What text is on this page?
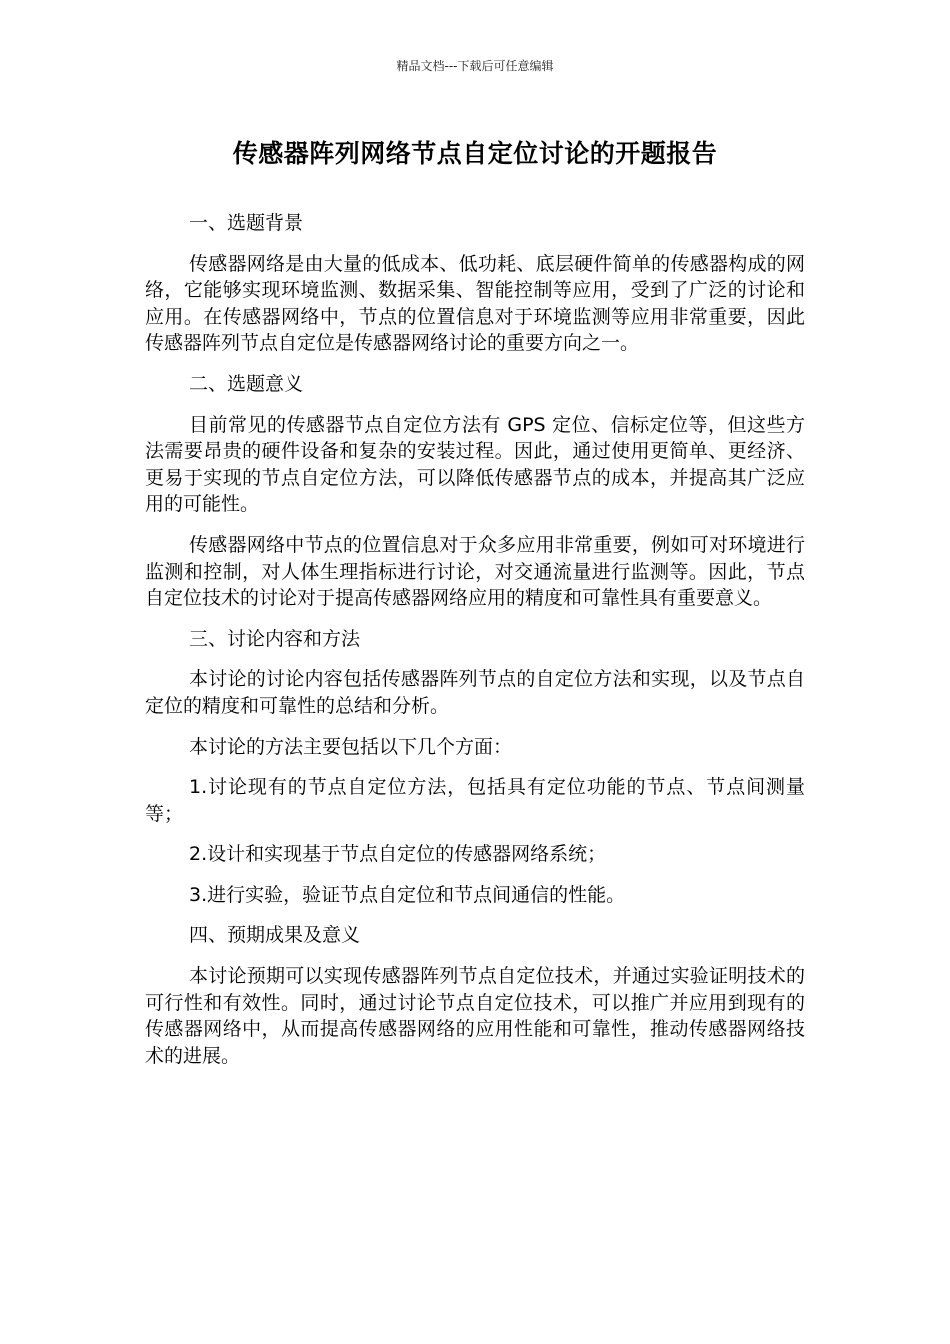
精品文档---下载后可任意编辑
传感器阵列网络节点自定位讨论的开题报告

一、选题背景

传感器网络是由大量的低成本、低功耗、底层硬件简单的传感器构成的网络，它能够实现环境监测、数据采集、智能控制等应用，受到了广泛的讨论和应用。在传感器网络中，节点的位置信息对于环境监测等应用非常重要，因此传感器阵列节点自定位是传感器网络讨论的重要方向之一。

二、选题意义

目前常见的传感器节点自定位方法有 GPS 定位、信标定位等，但这些方法需要昂贵的硬件设备和复杂的安装过程。因此，通过使用更简单、更经济、更易于实现的节点自定位方法，可以降低传感器节点的成本，并提高其广泛应用的可能性。

传感器网络中节点的位置信息对于众多应用非常重要，例如可对环境进行监测和控制，对人体生理指标进行讨论，对交通流量进行监测等。因此，节点自定位技术的讨论对于提高传感器网络应用的精度和可靠性具有重要意义。

三、讨论内容和方法

本讨论的讨论内容包括传感器阵列节点的自定位方法和实现，以及节点自定位的精度和可靠性的总结和分析。

本讨论的方法主要包括以下几个方面：

1.讨论现有的节点自定位方法，包括具有定位功能的节点、节点间测量等；

2.设计和实现基于节点自定位的传感器网络系统；

3.进行实验，验证节点自定位和节点间通信的性能。

四、预期成果及意义

本讨论预期可以实现传感器阵列节点自定位技术，并通过实验证明技术的可行性和有效性。同时，通过讨论节点自定位技术，可以推广并应用到现有的传感器网络中，从而提高传感器网络的应用性能和可靠性，推动传感器网络技术的进展。
